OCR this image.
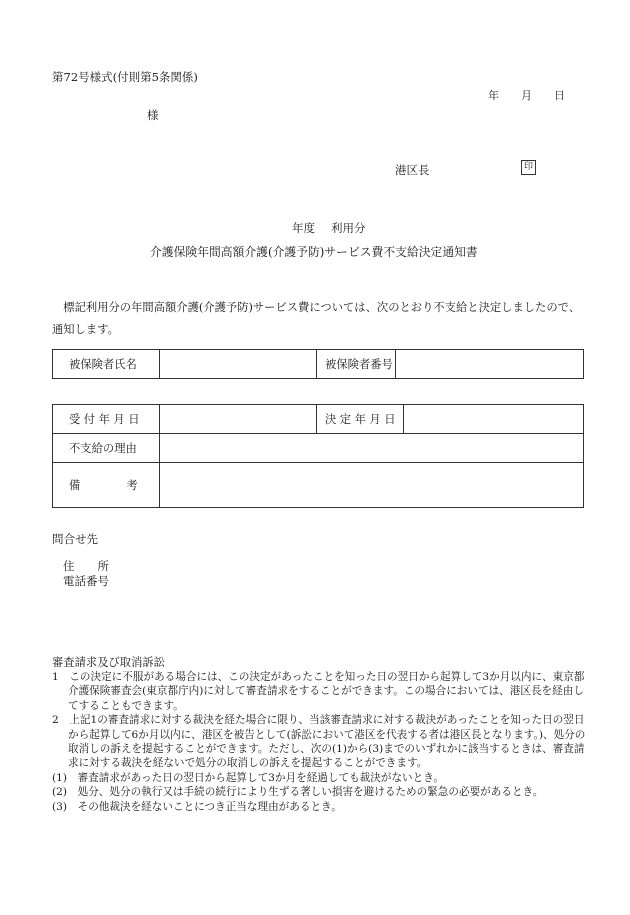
第72号様式(付則第5条関係)
年 月 日
様
港区長	印
年度 利用分
介護保険年間高額介護(介護予防)サービス費不支給決定通知書
　標記利用分の年間高額介護(介護予防)サービス費については、次のとおり不支給と決定しましたので、通知します。
被保険者氏名		被保険者番号	
受付年月日		決定年月日	
不支給の理由			
備 考			
問合せ先
住 所
電話番号
審査請求及び取消訴訟

1　この決定に不服がある場合には、この決定があったことを知った日の翌日から起算して3か月以内に、東京都介護保険審査会(東京都庁内)に対して審査請求をすることができます。この場合においては、港区長を経由してすることもできます。

2　上記1の審査請求に対する裁決を経た場合に限り、当該審査請求に対する裁決があったことを知った日の翌日から起算して6か月以内に、港区を被告として(訴訟において港区を代表する者は港区長となります。)、処分の取消しの訴えを提起することができます。ただし、次の(1)から(3)までのいずれかに該当するときは、審査請求に対する裁決を経ないで処分の取消しの訴えを提起することができます。

(1)　審査請求があった日の翌日から起算して3か月を経過しても裁決がないとき。

(2)　処分、処分の執行又は手続の続行により生ずる著しい損害を避けるための緊急の必要があるとき。

(3)　その他裁決を経ないことにつき正当な理由があるとき。
